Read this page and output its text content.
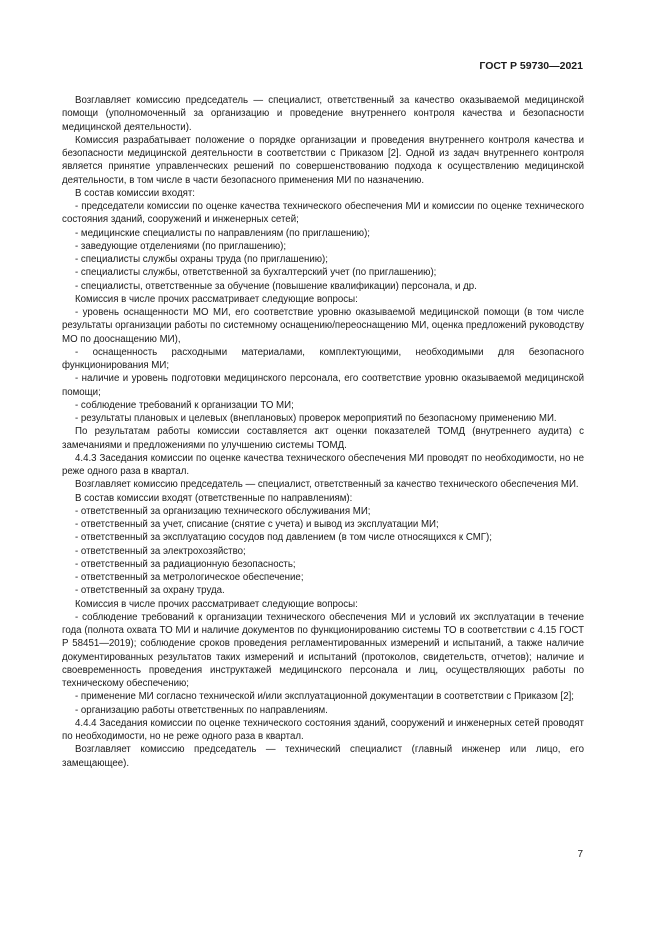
ГОСТ Р 59730—2021

Возглавляет комиссию председатель — специалист, ответственный за качество оказываемой медицинской помощи (уполномоченный за организацию и проведение внутреннего контроля качества и безопасности медицинской деятельности).

Комиссия разрабатывает положение о порядке организации и проведения внутреннего контроля качества и безопасности медицинской деятельности в соответствии с Приказом [2]. Одной из задач внутреннего контроля является принятие управленческих решений по совершенствованию подхода к осуществлению медицинской деятельности, в том числе в части безопасного применения МИ по назначению.

В состав комиссии входят:

- председатели комиссии по оценке качества технического обеспечения МИ и комиссии по оценке технического состояния зданий, сооружений и инженерных сетей;

- медицинские специалисты по направлениям (по приглашению);

- заведующие отделениями (по приглашению);

- специалисты службы охраны труда (по приглашению);

- специалисты службы, ответственной за бухгалтерский учет (по приглашению);

- специалисты, ответственные за обучение (повышение квалификации) персонала, и др.

Комиссия в числе прочих рассматривает следующие вопросы:

- уровень оснащенности МО МИ, его соответствие уровню оказываемой медицинской помощи (в том числе результаты организации работы по системному оснащению/переоснащению МИ, оценка предложений руководству МО по дооснащению МИ),

- оснащенность расходными материалами, комплектующими, необходимыми для безопасного функционирования МИ;

- наличие и уровень подготовки медицинского персонала, его соответствие уровню оказываемой медицинской помощи;

- соблюдение требований к организации ТО МИ;

- результаты плановых и целевых (внеплановых) проверок мероприятий по безопасному применению МИ.

По результатам работы комиссии составляется акт оценки показателей ТОМД (внутреннего аудита) с замечаниями и предложениями по улучшению системы ТОМД.

4.4.3 Заседания комиссии по оценке качества технического обеспечения МИ проводят по необходимости, но не реже одного раза в квартал.

Возглавляет комиссию председатель — специалист, ответственный за качество технического обеспечения МИ.

В состав комиссии входят (ответственные по направлениям):

- ответственный за организацию технического обслуживания МИ;

- ответственный за учет, списание (снятие с учета) и вывод из эксплуатации МИ;

- ответственный за эксплуатацию сосудов под давлением (в том числе относящихся к СМГ);

- ответственный за электрохозяйство;

- ответственный за радиационную безопасность;

- ответственный за метрологическое обеспечение;

- ответственный за охрану труда.

Комиссия в числе прочих рассматривает следующие вопросы:

- соблюдение требований к организации технического обеспечения МИ и условий их эксплуатации в течение года (полнота охвата ТО МИ и наличие документов по функционированию системы ТО в соответствии с 4.15 ГОСТ Р 58451—2019); соблюдение сроков проведения регламентированных измерений и испытаний, а также наличие документированных результатов таких измерений и испытаний (протоколов, свидетельств, отчетов); наличие и своевременность проведения инструктажей медицинского персонала и лиц, осуществляющих работы по техническому обеспечению;

- применение МИ согласно технической и/или эксплуатационной документации в соответствии с Приказом [2];

- организацию работы ответственных по направлениям.

4.4.4 Заседания комиссии по оценке технического состояния зданий, сооружений и инженерных сетей проводят по необходимости, но не реже одного раза в квартал.

Возглавляет комиссию председатель — технический специалист (главный инженер или лицо, его замещающее).

7
